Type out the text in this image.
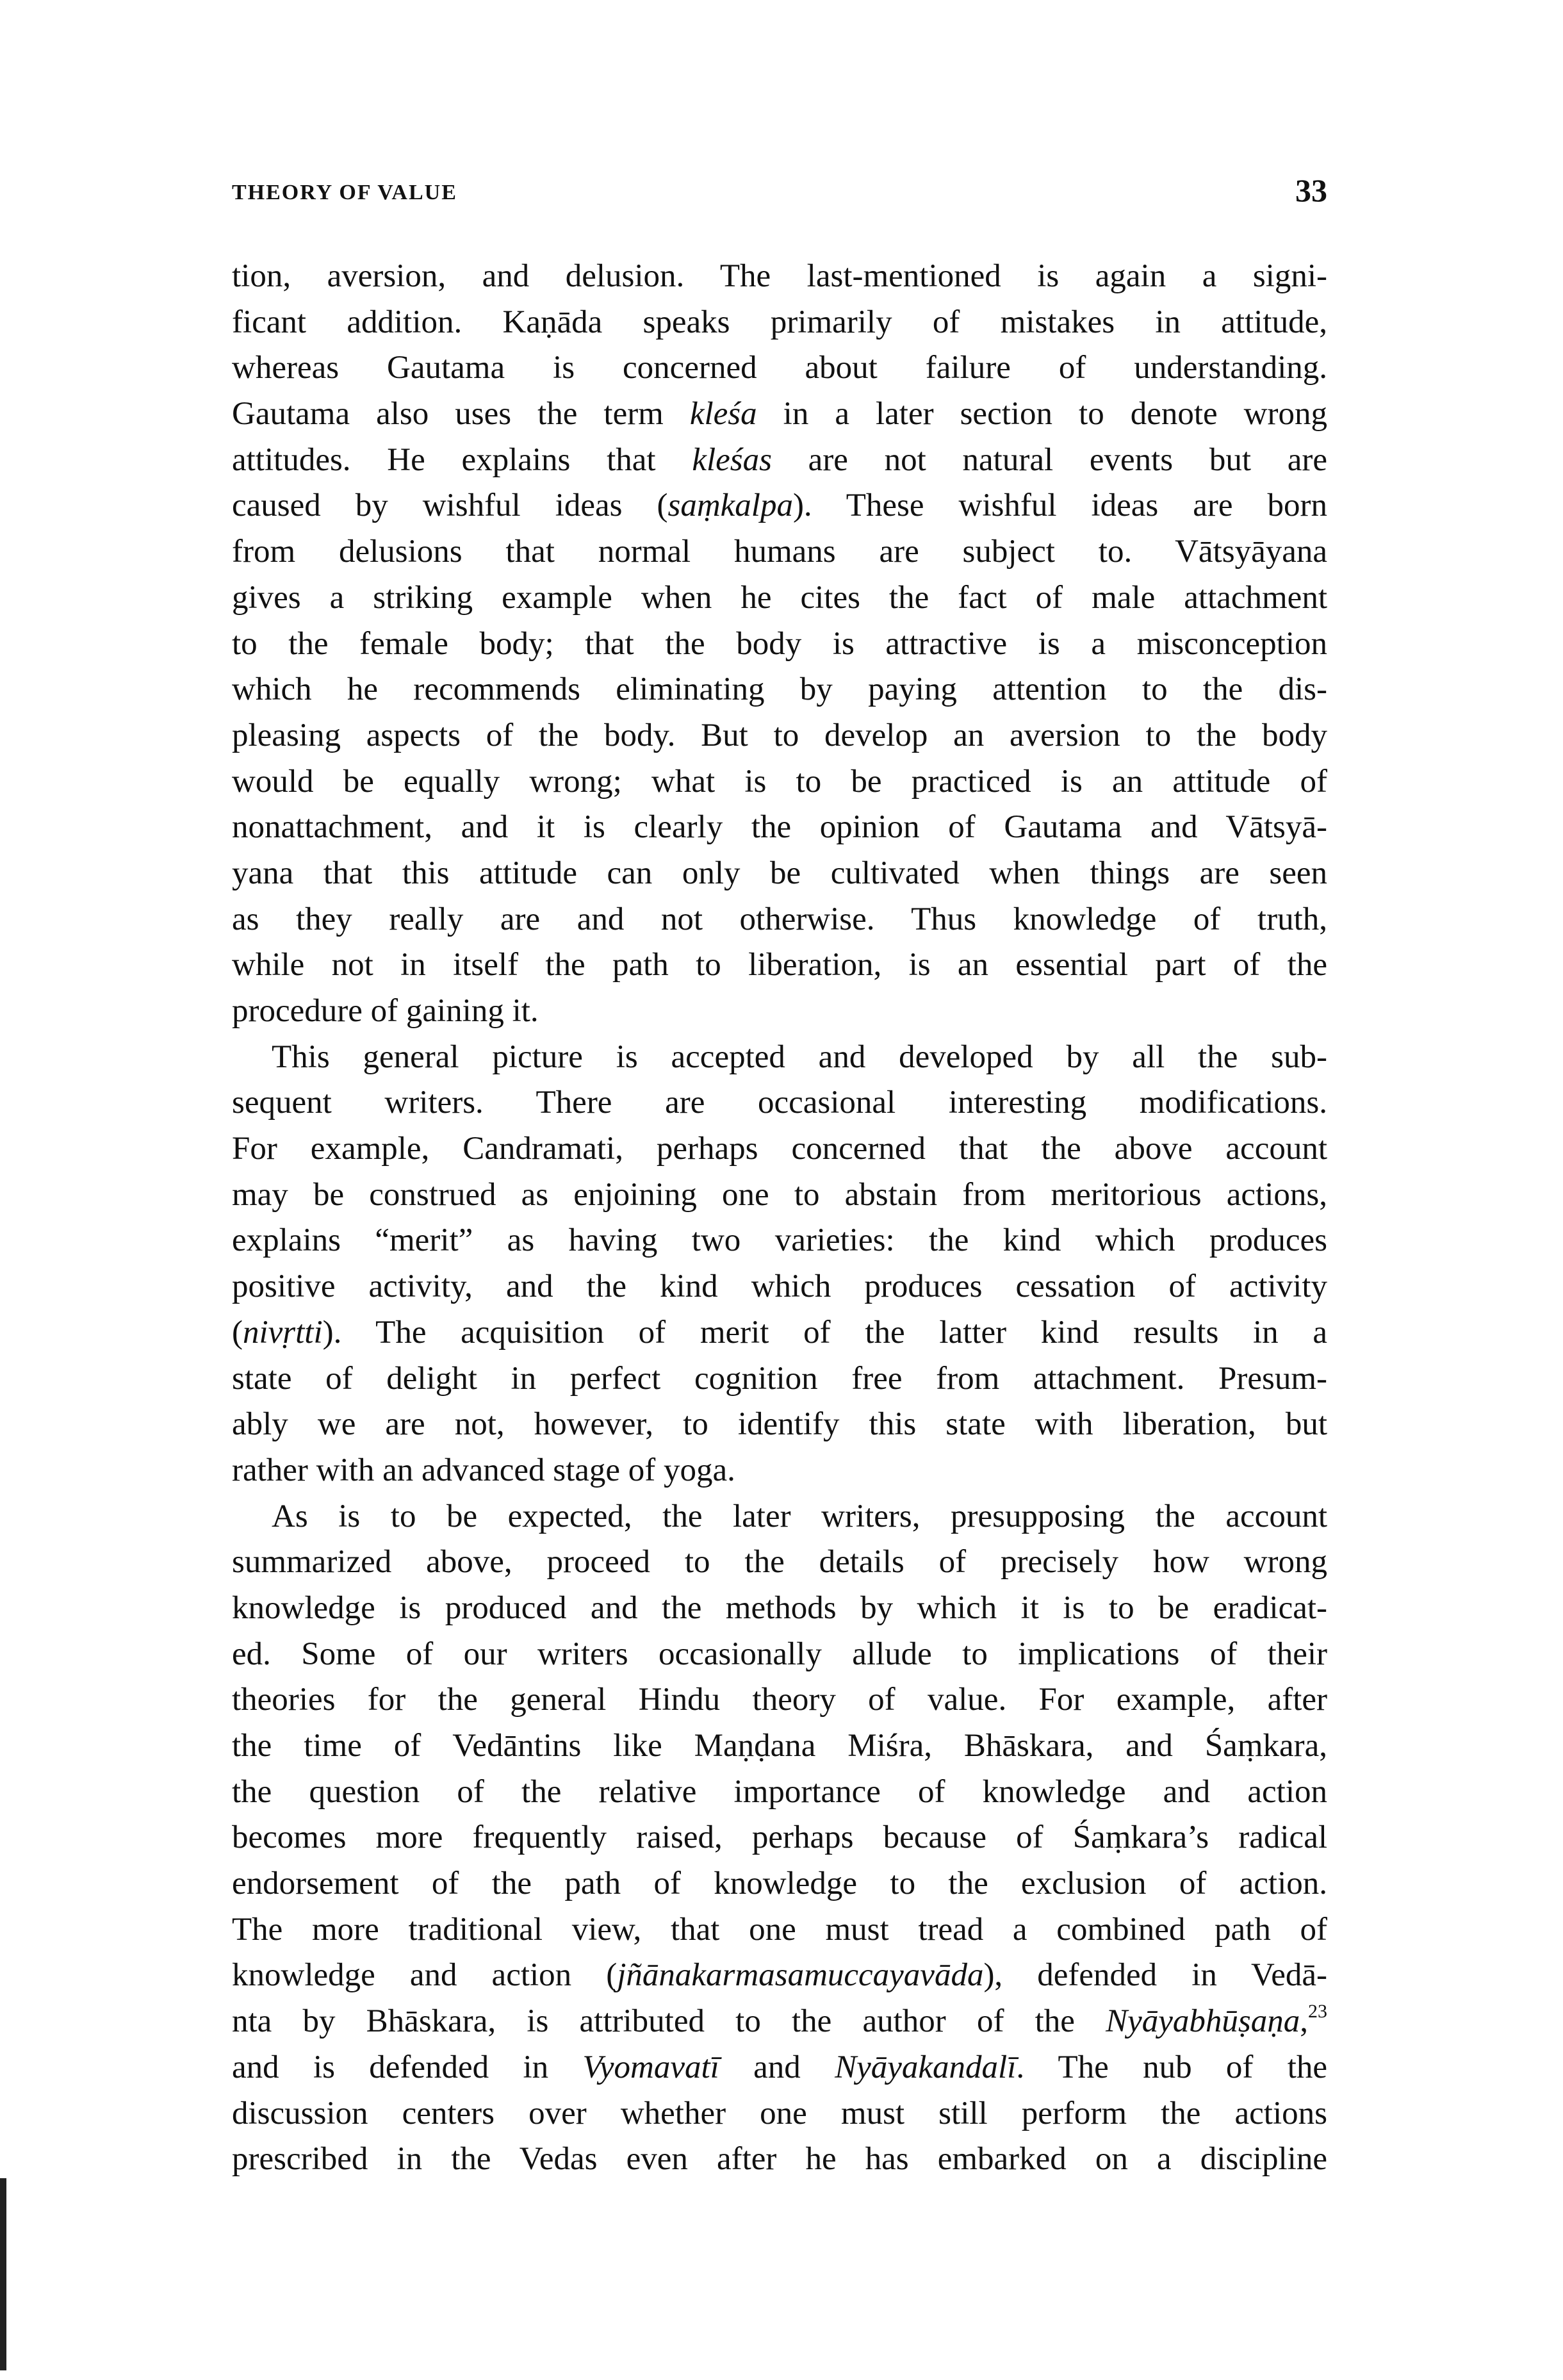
THEORY OF VALUE	33
tion, aversion, and delusion. The last-mentioned is again a signi-
ficant addition. Kaṇāda speaks primarily of mistakes in attitude,
whereas Gautama is concerned about failure of understanding.
Gautama also uses the term kleśa in a later section to denote wrong
attitudes. He explains that kleśas are not natural events but are
caused by wishful ideas (saṃkalpa). These wishful ideas are born
from delusions that normal humans are subject to. Vātsyāyana
gives a striking example when he cites the fact of male attachment
to the female body; that the body is attractive is a misconception
which he recommends eliminating by paying attention to the dis-
pleasing aspects of the body. But to develop an aversion to the body
would be equally wrong; what is to be practiced is an attitude of
nonattachment, and it is clearly the opinion of Gautama and Vātsyā-
yana that this attitude can only be cultivated when things are seen
as they really are and not otherwise. Thus knowledge of truth,
while not in itself the path to liberation, is an essential part of the
procedure of gaining it.
This general picture is accepted and developed by all the sub-
sequent writers. There are occasional interesting modifications.
For example, Candramati, perhaps concerned that the above account
may be construed as enjoining one to abstain from meritorious actions,
explains “merit” as having two varieties: the kind which produces
positive activity, and the kind which produces cessation of activity
(nivṛtti). The acquisition of merit of the latter kind results in a
state of delight in perfect cognition free from attachment. Presum-
ably we are not, however, to identify this state with liberation, but
rather with an advanced stage of yoga.
As is to be expected, the later writers, presupposing the account
summarized above, proceed to the details of precisely how wrong
knowledge is produced and the methods by which it is to be eradicat-
ed. Some of our writers occasionally allude to implications of their
theories for the general Hindu theory of value. For example, after
the time of Vedāntins like Maṇḍana Miśra, Bhāskara, and Śaṃkara,
the question of the relative importance of knowledge and action
becomes more frequently raised, perhaps because of Śaṃkara’s radical
endorsement of the path of knowledge to the exclusion of action.
The more traditional view, that one must tread a combined path of
knowledge and action (jñānakarmasamuccayavāda), defended in Vedā-
nta by Bhāskara, is attributed to the author of the Nyāyabhūṣaṇa,$^{23}$
and is defended in Vyomavatī and Nyāyakandalī. The nub of the
discussion centers over whether one must still perform the actions
prescribed in the Vedas even after he has embarked on a discipline
